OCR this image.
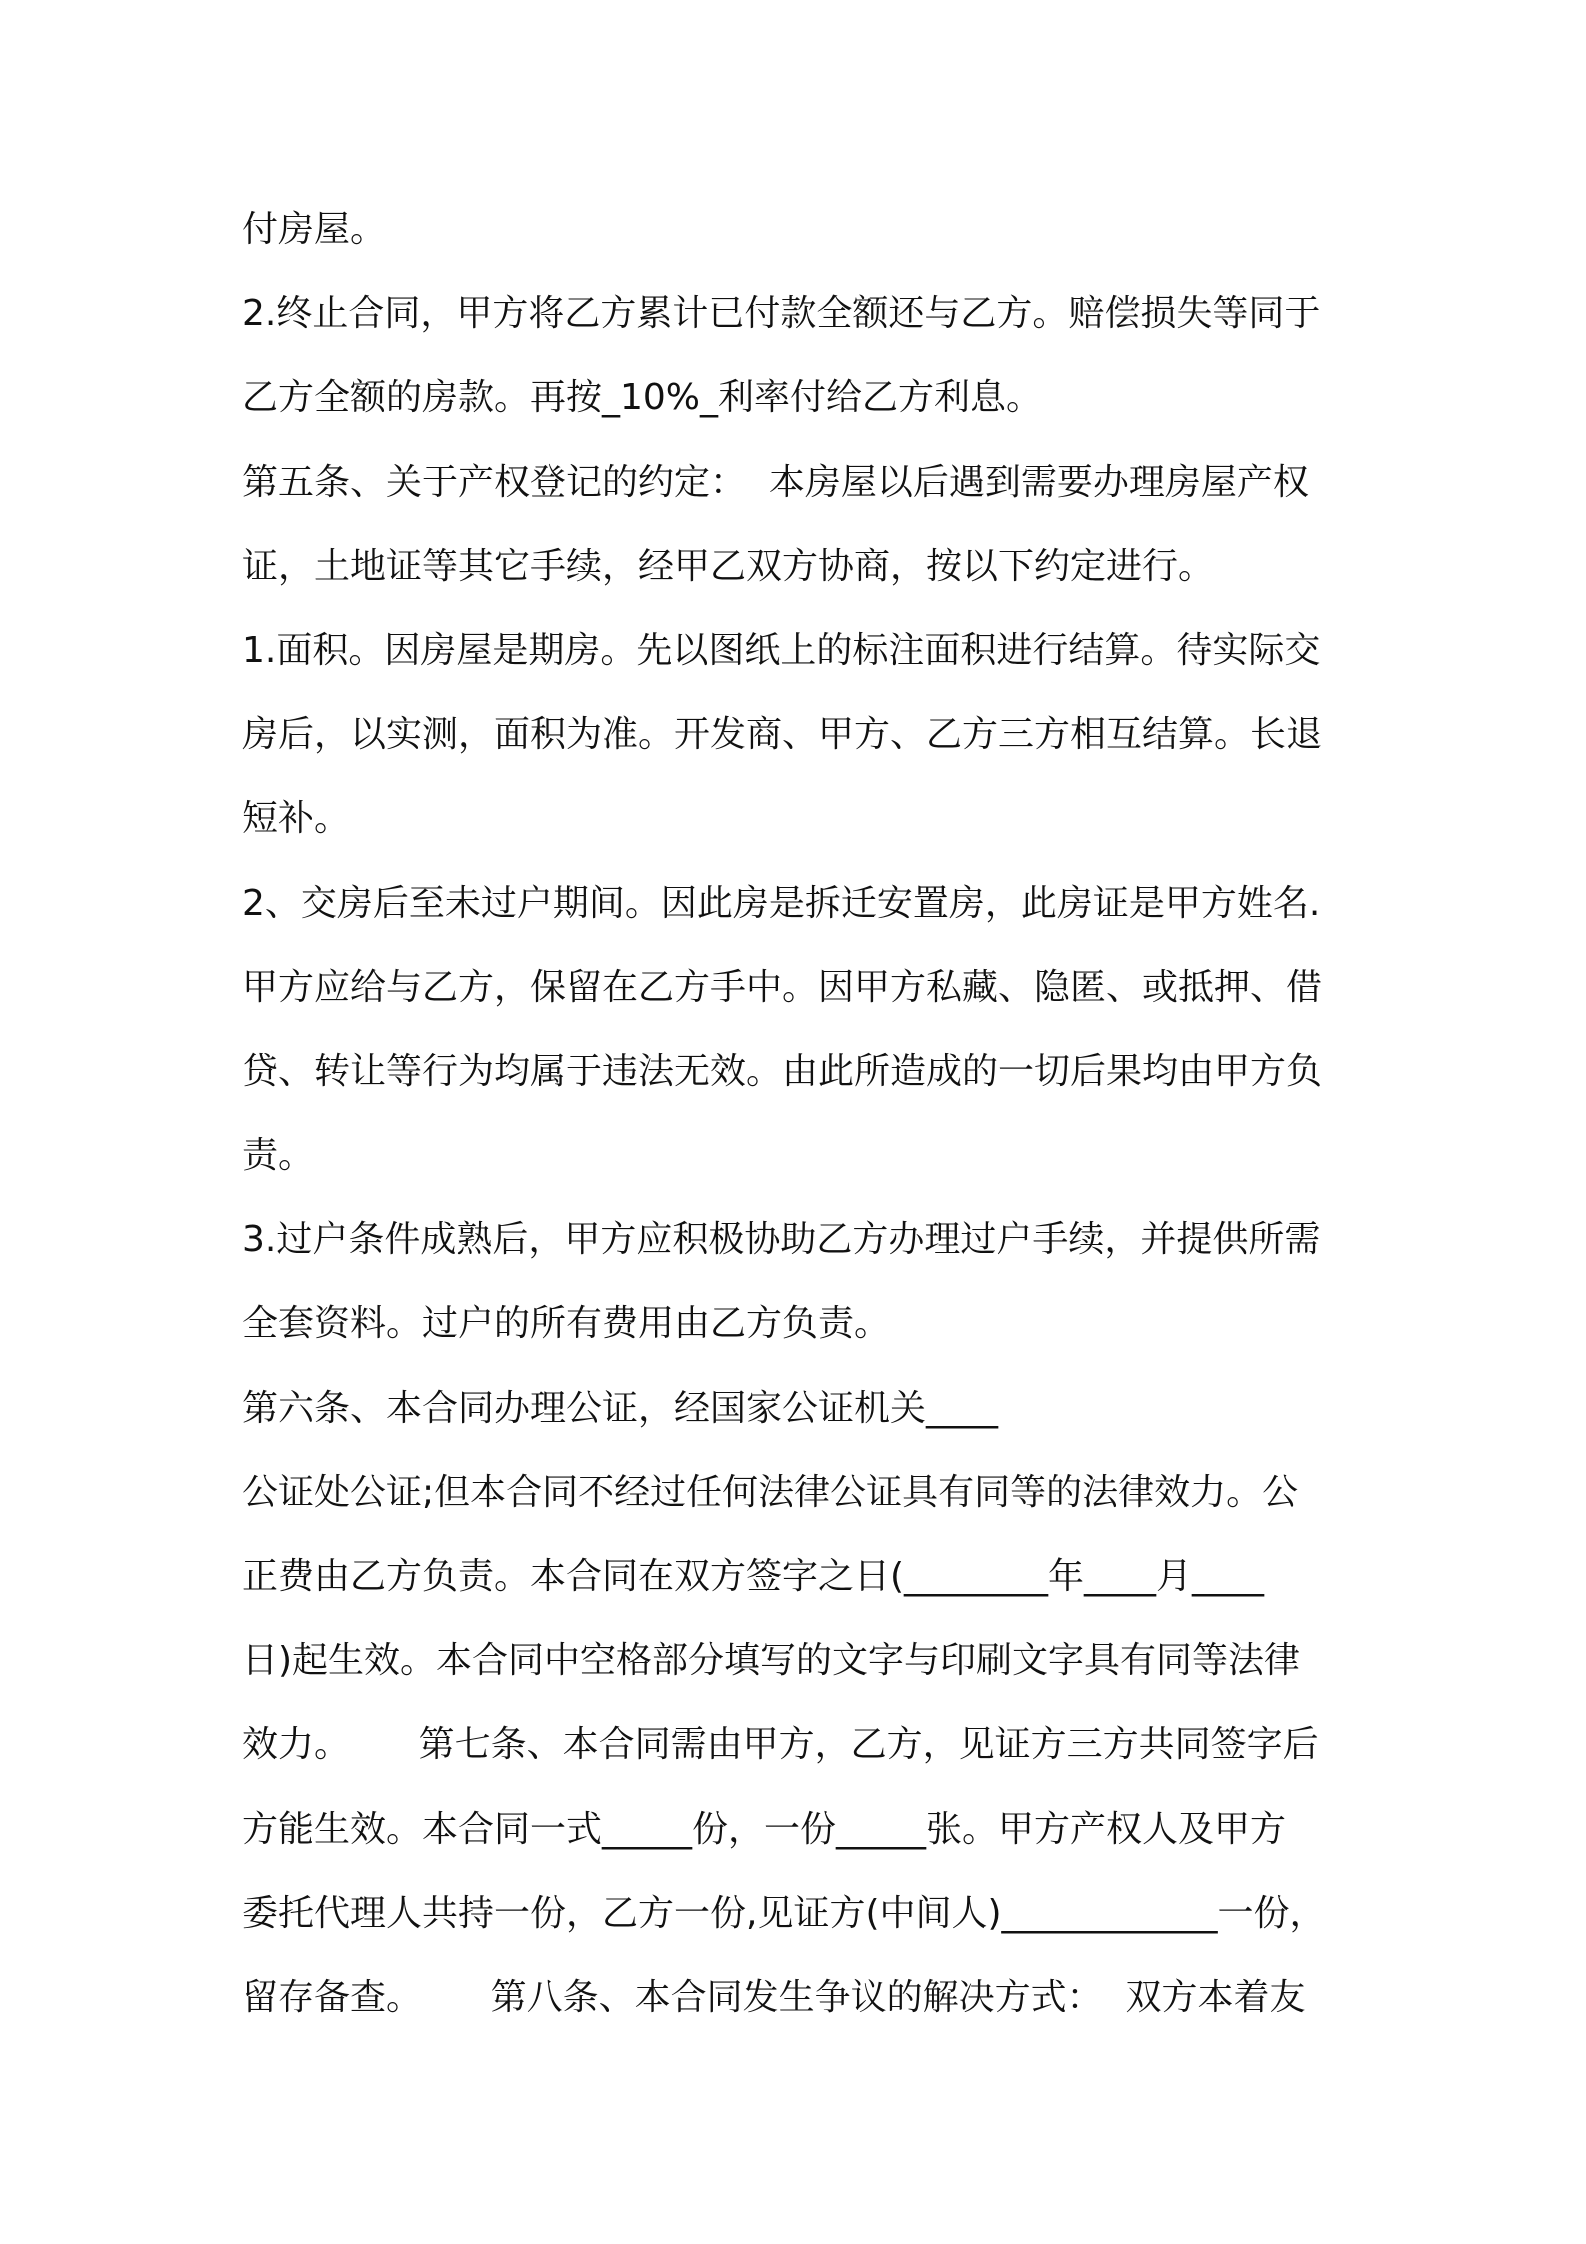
付房屋。
2.终止合同，甲方将乙方累计已付款全额还与乙方。赔偿损失等同于
乙方全额的房款。再按_10%_利率付给乙方利息。
第五条、关于产权登记的约定：  本房屋以后遇到需要办理房屋产权
证，土地证等其它手续，经甲乙双方协商，按以下约定进行。
1.面积。因房屋是期房。先以图纸上的标注面积进行结算。待实际交
房后，以实测，面积为准。开发商、甲方、乙方三方相互结算。长退
短补。
2、交房后至未过户期间。因此房是拆迁安置房，此房证是甲方姓名.
甲方应给与乙方，保留在乙方手中。因甲方私藏、隐匿、或抵押、借
贷、转让等行为均属于违法无效。由此所造成的一切后果均由甲方负
责。
3.过户条件成熟后，甲方应积极协助乙方办理过户手续，并提供所需
全套资料。过户的所有费用由乙方负责。
第六条、本合同办理公证，经国家公证机关____
公证处公证;但本合同不经过任何法律公证具有同等的法律效力。公
正费由乙方负责。本合同在双方签字之日(________年____月____
日)起生效。本合同中空格部分填写的文字与印刷文字具有同等法律
效力。      第七条、本合同需由甲方，乙方，见证方三方共同签字后
方能生效。本合同一式_____份，一份_____张。甲方产权人及甲方
委托代理人共持一份，乙方一份,见证方(中间人)____________一份，
留存备查。      第八条、本合同发生争议的解决方式：  双方本着友
